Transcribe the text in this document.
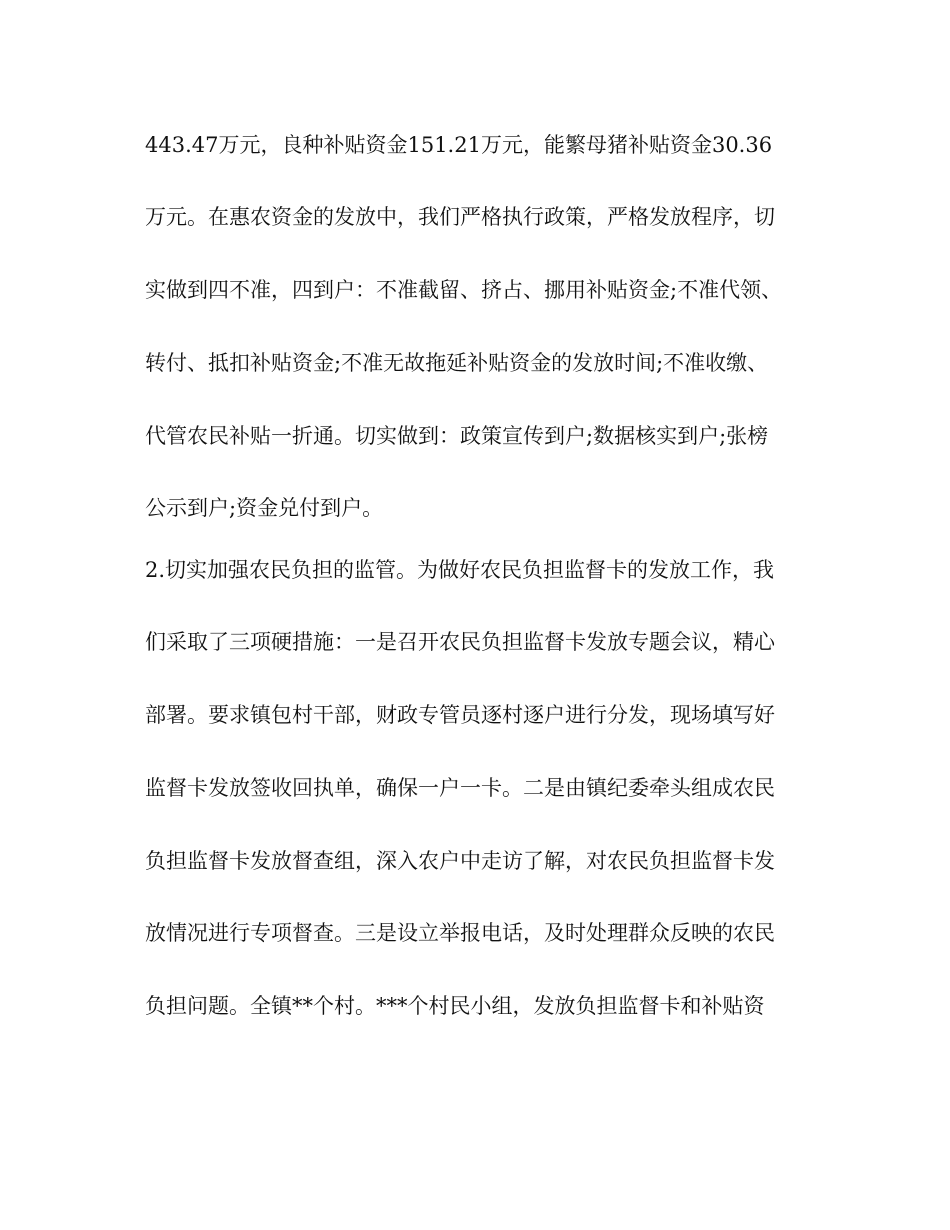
443.47万元，良种补贴资金151.21万元，能繁母猪补贴资金30.36
万元。在惠农资金的发放中，我们严格执行政策，严格发放程序，切
实做到四不准，四到户：不准截留、挤占、挪用补贴资金;不准代领、
转付、抵扣补贴资金;不准无故拖延补贴资金的发放时间;不准收缴、
代管农民补贴一折通。切实做到：政策宣传到户;数据核实到户;张榜
公示到户;资金兑付到户。
2.切实加强农民负担的监管。为做好农民负担监督卡的发放工作，我
们采取了三项硬措施：一是召开农民负担监督卡发放专题会议，精心
部署。要求镇包村干部，财政专管员逐村逐户进行分发，现场填写好
监督卡发放签收回执单，确保一户一卡。二是由镇纪委牵头组成农民
负担监督卡发放督查组，深入农户中走访了解，对农民负担监督卡发
放情况进行专项督查。三是设立举报电话，及时处理群众反映的农民
负担问题。全镇**个村。***个村民小组，发放负担监督卡和补贴资
